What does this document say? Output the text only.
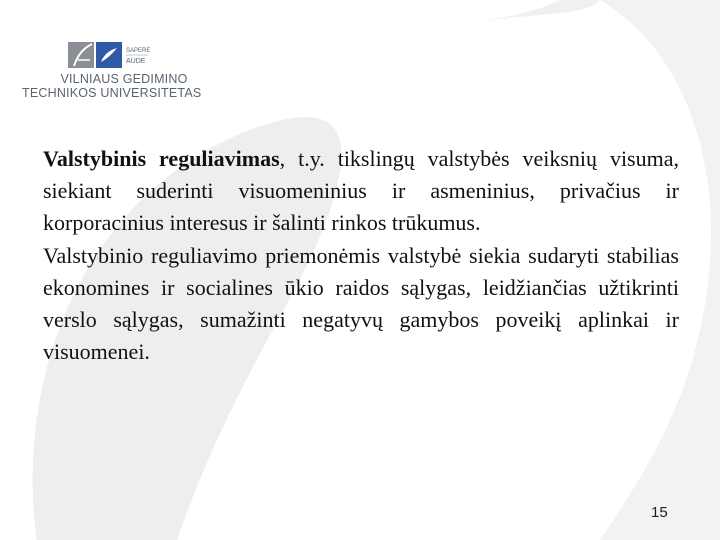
SAPERE
AUDE
VILNIAUS GEDIMINO
TECHNIKOS UNIVERSITETAS

Valstybinis reguliavimas, t.y. tikslingų valstybės veiksnių visuma, siekiant suderinti visuomeninius ir asmeninius, privačius ir korporacinius interesus ir šalinti rinkos trūkumus.

Valstybinio reguliavimo priemonėmis valstybė siekia sudaryti stabilias ekonomines ir socialines ūkio raidos sąlygas, leidžiančias užtikrinti verslo sąlygas, sumažinti negatyvų gamybos poveikį aplinkai ir visuomenei.

15
